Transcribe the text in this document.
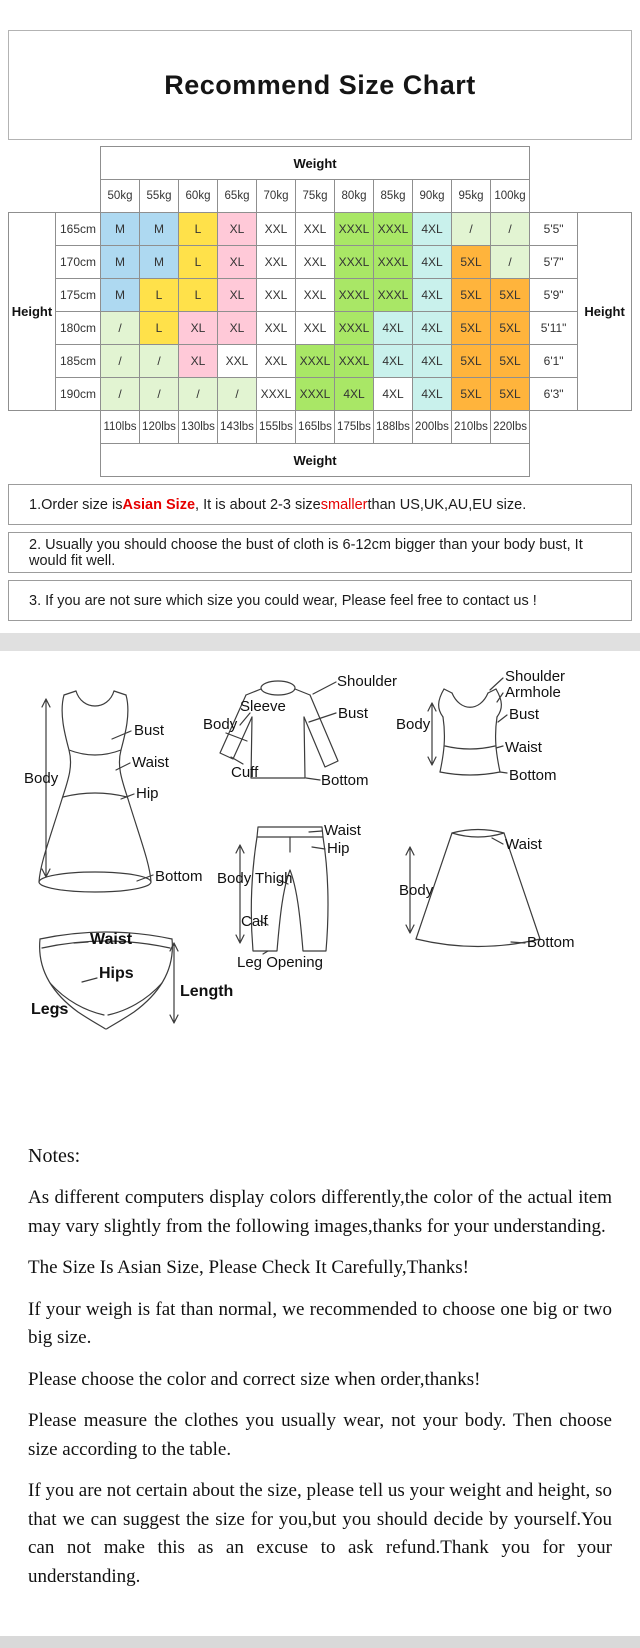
Recommend Size Chart
		Weight												
		50kg	55kg	60kg	65kg	70kg	75kg	80kg	85kg	90kg	95kg	100kg		
Height	165cm	M	M	L	XL	XXL	XXL	XXXL	XXXL	4XL	/	/	5'5"	Height
	170cm	M	M	L	XL	XXL	XXL	XXXL	XXXL	4XL	5XL	/	5'7"	
	175cm	M	L	L	XL	XXL	XXL	XXXL	XXXL	4XL	5XL	5XL	5'9"	
	180cm	/	L	XL	XL	XXL	XXL	XXXL	4XL	4XL	5XL	5XL	5'11"	
	185cm	/	/	XL	XXL	XXL	XXXL	XXXL	4XL	4XL	5XL	5XL	6'1"	
	190cm	/	/	/	/	XXXL	XXXL	4XL	4XL	4XL	5XL	5XL	6'3"	
		110lbs	120lbs	130lbs	143lbs	155lbs	165lbs	175lbs	188lbs	200lbs	210lbs	220lbs		
		Weight												
1.Order size is Asian Size , It is about 2-3 size smaller than US,UK,AU,EU size.
2. Usually you should choose the bust of cloth is 6-12cm bigger than your body bust, It would fit well.
3. If you are not sure which size you could wear, Please feel free to contact us !
Body
Bust
Waist
Hip
Bottom
Shoulder
Sleeve
Body
Bust
Cuff	Bottom
Shoulder
Armhole
Body
Bust
Waist
Bottom
Waist
Hip
Body Thigh
Calf
Leg Opening
Waist
Body
Bottom
Waist
Hips
Legs
Length

Notes:

As different computers display colors differently,the color of the actual item may vary slightly from the following images,thanks for your understanding.

The Size Is Asian Size, Please Check It Carefully,Thanks!

If your weigh is fat than normal, we recommended to choose one big or two big size.

Please choose the color and correct size when order,thanks!

Please measure the clothes you usually wear, not your body. Then choose size according to the table.

If you are not certain about the size, please tell us your weight and height, so that we can suggest the size for you,but you should decide by yourself.You can not make this as an excuse to ask refund.Thank you for your understanding.
